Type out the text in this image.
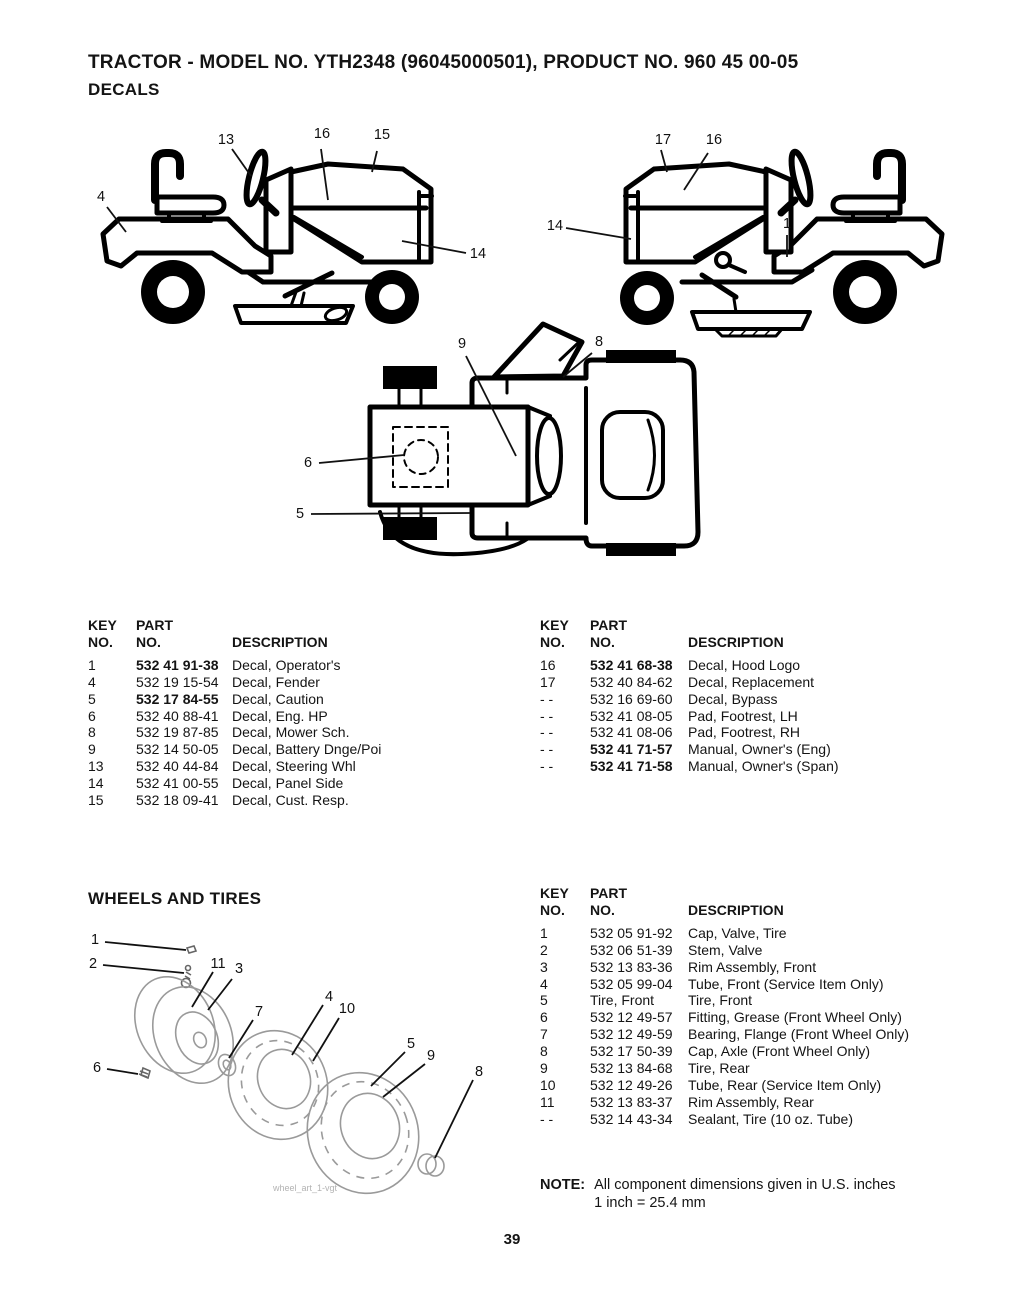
TRACTOR - MODEL NO. YTH2348 (96045000501), PRODUCT NO. 960 45 00-05
DECALS
13	16	15
4
14
17 16
14	1
9	8
6
5
KEY
NO.
PART
NO.	DESCRIPTION
1	532 41 91-38 Decal, Operator's
4	532 19 15-54 Decal, Fender
5	532 17 84-55 Decal, Caution
6	532 40 88-41 Decal, Eng. HP
8	532 19 87-85 Decal, Mower Sch.
9	532 14 50-05 Decal, Battery Dnge/Poi
13	532 40 44-84 Decal, Steering Whl
14	532 41 00-55 Decal, Panel Side
15	532 18 09-41 Decal, Cust. Resp.
KEY
NO.
PART
NO.	DESCRIPTION
16	532 41 68-38	Decal, Hood Logo
17	532 40 84-62	Decal, Replacement
- -	532 16 69-60	Decal, Bypass
- -	532 41 08-05	Pad, Footrest, LH
- -	532 41 08-06	Pad, Footrest, RH
- -	532 41 71-57	Manual, Owner's (Eng)
- -	532 41 71-58	Manual, Owner's (Span)
WHEELS AND TIRES
1
2	11 3
7
4
10
5
9
8
6
wheel_art_1-vgt
KEY
NO.
PART
NO.	DESCRIPTION
1	532 05 91-92	Cap, Valve, Tire
2	532 06 51-39	Stem, Valve
3	532 13 83-36	Rim Assembly, Front
4	532 05 99-04	Tube, Front (Service Item Only)
5	Tire, Front	Tire, Front
6	532 12 49-57	Fitting, Grease (Front Wheel Only)
7	532 12 49-59	Bearing, Flange (Front Wheel Only)
8	532 17 50-39	Cap, Axle (Front Wheel Only)
9	532 13 84-68	Tire, Rear
10	532 12 49-26	Tube, Rear (Service Item Only)
11	532 13 83-37	Rim Assembly, Rear
- -	532 14 43-34	Sealant, Tire (10 oz. Tube)
NOTE: All component dimensions given in U.S. inches
1 inch = 25.4 mm
39
